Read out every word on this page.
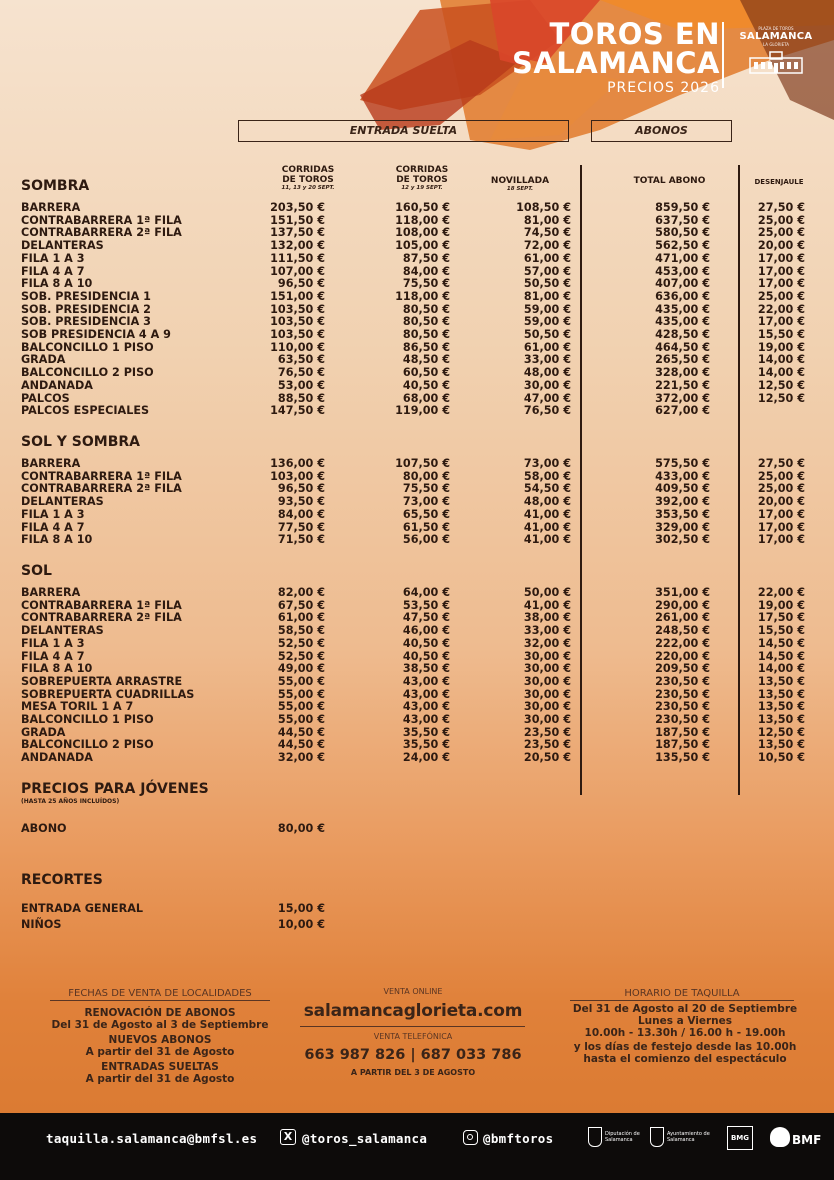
TOROS EN
SALAMANCA
PRECIOS 2026
PLAZA DE TOROS
SALAMANCA
LA GLORIETA
ENTRADA SUELTA	ABONOS
CORRIDAS
DE TOROS
11, 13 y 20 SEPT.
CORRIDAS
DE TOROS
12 y 19 SEPT.
NOVILLADA
18 SEPT.
TOTAL ABONO	DESENJAULE
SOMBRA
BARRERA	203,50 €	160,50 €	108,50 €	859,50 €	27,50 €
CONTRABARRERA 1ª FILA	151,50 €	118,00 €	81,00 €	637,50 €	25,00 €
CONTRABARRERA 2ª FILA	137,50 €	108,00 €	74,50 €	580,50 €	25,00 €
DELANTERAS	132,00 €	105,00 €	72,00 €	562,50 €	20,00 €
FILA 1 A 3	111,50 €	87,50 €	61,00 €	471,00 €	17,00 €
FILA 4 A 7	107,00 €	84,00 €	57,00 €	453,00 €	17,00 €
FILA 8 A 10	96,50 €	75,50 €	50,50 €	407,00 €	17,00 €
SOB. PRESIDENCIA 1	151,00 €	118,00 €	81,00 €	636,00 €	25,00 €
SOB. PRESIDENCIA 2	103,50 €	80,50 €	59,00 €	435,00 €	22,00 €
SOB. PRESIDENCIA 3	103,50 €	80,50 €	59,00 €	435,00 €	17,00 €
SOB PRESIDENCIA 4 A 9	103,50 €	80,50 €	50,50 €	428,50 €	15,50 €
BALCONCILLO 1 PISO	110,00 €	86,50 €	61,00 €	464,50 €	19,00 €
GRADA	63,50 €	48,50 €	33,00 €	265,50 €	14,00 €
BALCONCILLO 2 PISO	76,50 €	60,50 €	48,00 €	328,00 €	14,00 €
ANDANADA	53,00 €	40,50 €	30,00 €	221,50 €	12,50 €
PALCOS	88,50 €	68,00 €	47,00 €	372,00 €	12,50 €
PALCOS ESPECIALES	147,50 €	119,00 €	76,50 €	627,00 €
SOL Y SOMBRA
BARRERA	136,00 €	107,50 €	73,00 €	575,50 €	27,50 €
CONTRABARRERA 1ª FILA	103,00 €	80,00 €	58,00 €	433,00 €	25,00 €
CONTRABARRERA 2ª FILA	96,50 €	75,50 €	54,50 €	409,50 €	25,00 €
DELANTERAS	93,50 €	73,00 €	48,00 €	392,00 €	20,00 €
FILA 1 A 3	84,00 €	65,50 €	41,00 €	353,50 €	17,00 €
FILA 4 A 7	77,50 €	61,50 €	41,00 €	329,00 €	17,00 €
FILA 8 A 10	71,50 €	56,00 €	41,00 €	302,50 €	17,00 €
SOL
BARRERA	82,00 €	64,00 €	50,00 €	351,00 €	22,00 €
CONTRABARRERA 1ª FILA	67,50 €	53,50 €	41,00 €	290,00 €	19,00 €
CONTRABARRERA 2ª FILA	61,00 €	47,50 €	38,00 €	261,00 €	17,50 €
DELANTERAS	58,50 €	46,00 €	33,00 €	248,50 €	15,50 €
FILA 1 A 3	52,50 €	40,50 €	32,00 €	222,00 €	14,50 €
FILA 4 A 7	52,50 €	40,50 €	30,00 €	220,00 €	14,50 €
FILA 8 A 10	49,00 €	38,50 €	30,00 €	209,50 €	14,00 €
SOBREPUERTA ARRASTRE	55,00 €	43,00 €	30,00 €	230,50 €	13,50 €
SOBREPUERTA CUADRILLAS	55,00 €	43,00 €	30,00 €	230,50 €	13,50 €
MESA TORIL 1 A 7	55,00 €	43,00 €	30,00 €	230,50 €	13,50 €
BALCONCILLO 1 PISO	55,00 €	43,00 €	30,00 €	230,50 €	13,50 €
GRADA	44,50 €	35,50 €	23,50 €	187,50 €	12,50 €
BALCONCILLO 2 PISO	44,50 €	35,50 €	23,50 €	187,50 €	13,50 €
ANDANADA	32,00 €	24,00 €	20,50 €	135,50 €	10,50 €
PRECIOS PARA JÓVENES
(HASTA 25 AÑOS INCLUÍDOS)
ABONO	80,00 €
RECORTES
ENTRADA GENERAL	15,00 €
NIÑOS	10,00 €
FECHAS DE VENTA DE LOCALIDADES
RENOVACIÓN DE ABONOS
Del 31 de Agosto al 3 de Septiembre
NUEVOS ABONOS
A partir del 31 de Agosto
ENTRADAS SUELTAS
A partir del 31 de Agosto
VENTA ONLINE
salamancaglorieta.com
VENTA TELEFÓNICA
663 987 826 | 687 033 786
A PARTIR DEL 3 DE AGOSTO
HORARIO DE TAQUILLA
Del 31 de Agosto al 20 de Septiembre
Lunes a Viernes
10.00h - 13.30h / 16.00 h - 19.00h
y los días de festejo desde las 10.00h
hasta el comienzo del espectáculo
taquilla.salamanca@bmfsl.es	X @toros_salamanca	@bmftoros	Diputación de Salamanca
Ayuntamiento de Salamanca	BMG	BMF
